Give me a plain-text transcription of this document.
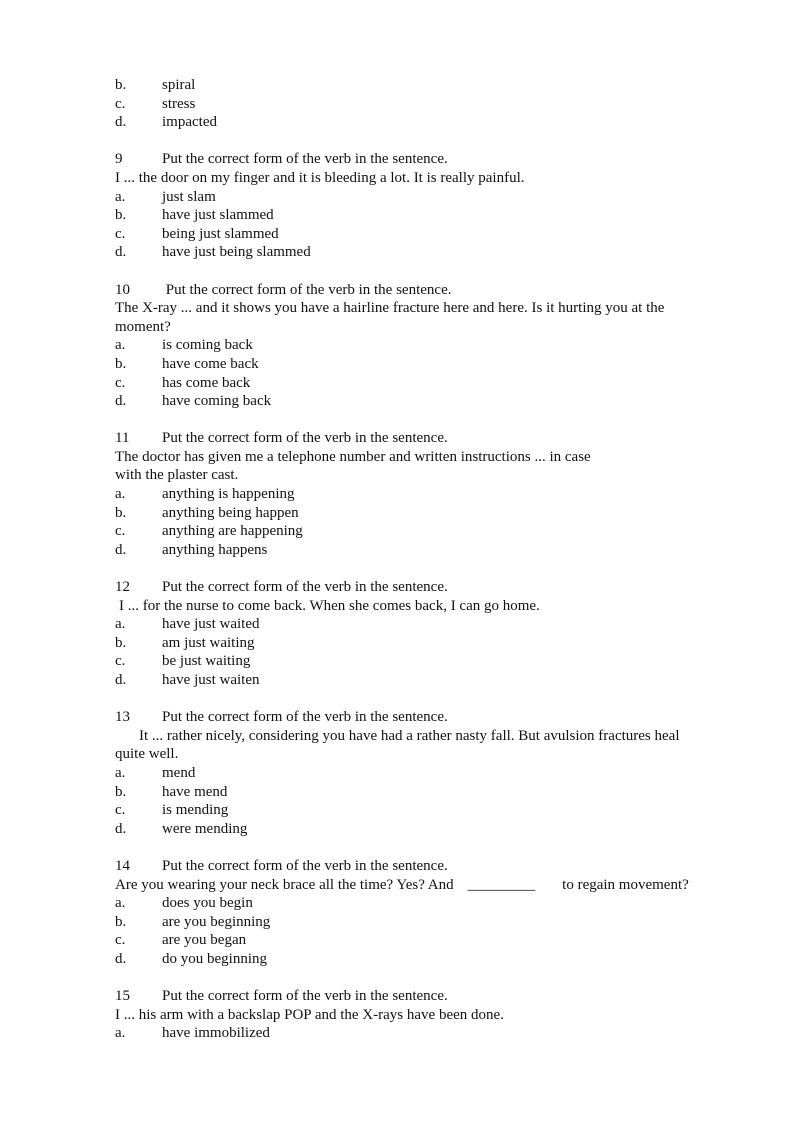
b. spiral
c. stress
d. impacted
9	Put the correct form of the verb in the sentence.
I ... the door on my finger and it is bleeding a lot. It is really painful.
a. just slam
b. have just slammed
c. being just slammed
d. have just being slammed
10 Put the correct form of the verb in the sentence.
The X-ray ... and it shows you have a hairline fracture here and here. Is it hurting you at the
moment?
a. is coming back
b. have come back
c. has come back
d. have coming back
11 Put the correct form of the verb in the sentence.
The doctor has given me a telephone number and written instructions ... in case
with the plaster cast.
a. anything is happening
b. anything being happen
c. anything are happening
d. anything happens
12 Put the correct form of the verb in the sentence.
I ... for the nurse to come back. When she comes back, I can go home.
a. have just waited
b. am just waiting
c. be just waiting
d. have just waiten
13 Put the correct form of the verb in the sentence.
It ... rather nicely, considering you have had a rather nasty fall. But avulsion fractures heal
quite well.
a. mend
b. have mend
c. is mending
d. were mending
14 Put the correct form of the verb in the sentence.
Are you wearing your neck brace all the time? Yes? And _________ to regain movement?
a. does you begin
b. are you beginning
c. are you began
d. do you beginning
15 Put the correct form of the verb in the sentence.
I ... his arm with a backslap POP and the X-rays have been done.
a. have immobilized
